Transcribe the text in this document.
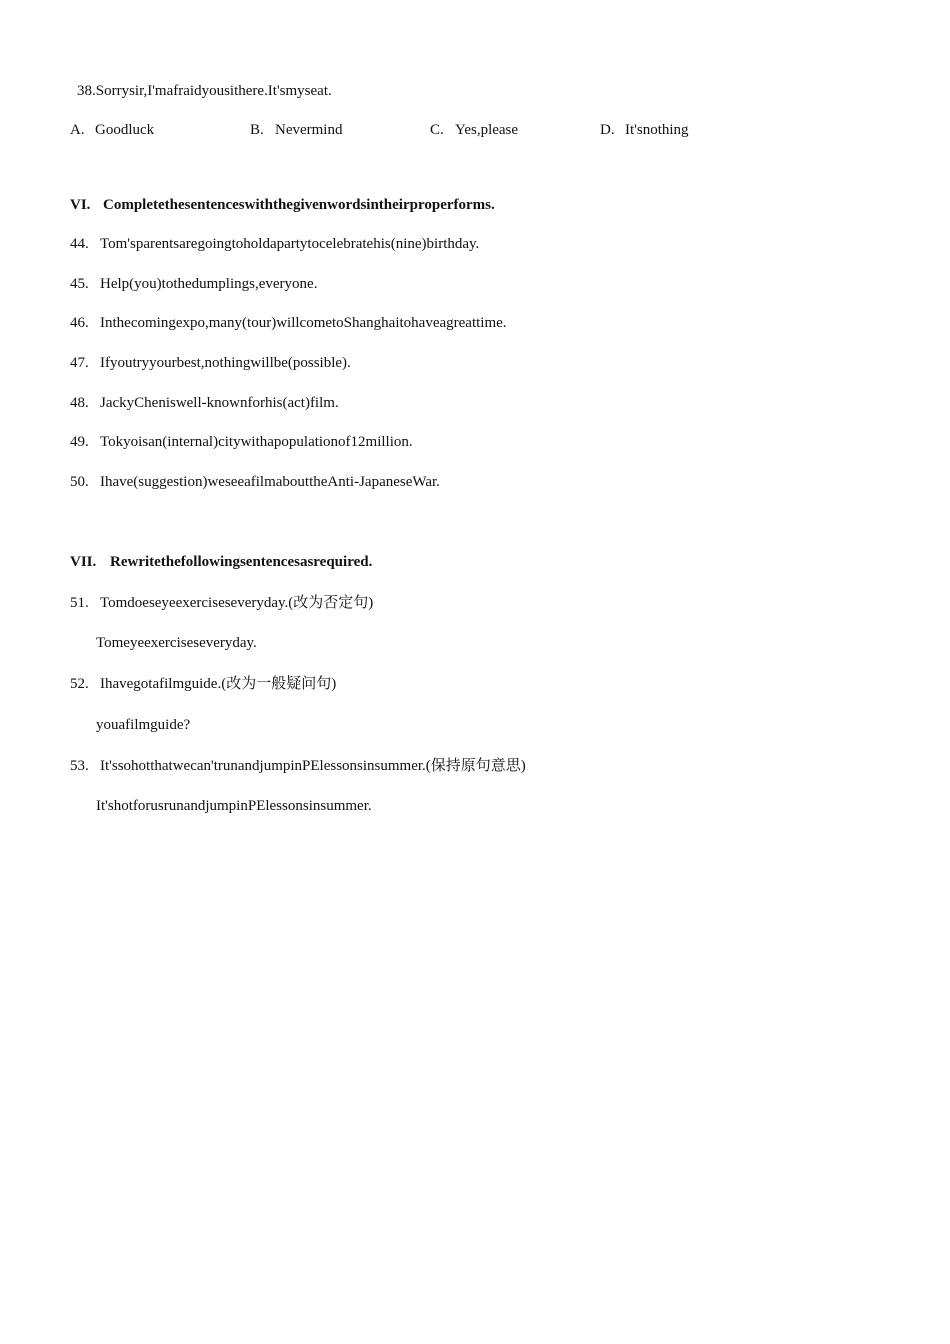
38.Sorrysir,I'mafraidyousithere.It'smyseat.
A. Goodluck	B. Nevermind	C. Yes,please	D. It'snothing
VI. Completethesentenceswiththegivenwordsintheirproperforms.
44. Tom'sparentsaregoingtoholdapartytocelebratehis(nine)birthday.
45. Help(you)tothedumplings,everyone.
46. Inthecomingexpo,many(tour)willcometoShanghaitohaveagreattime.
47. Ifyoutryyourbest,nothingwillbe(possible).
48. JackyCheniswell-knownforhis(act)film.
49. Tokyoisan(internal)citywithapopulationof12million.
50. Ihave(suggestion)weseeafilmabouttheAnti-JapaneseWar.
VII. Rewritethefollowingsentencesasrequired.
51. Tomdoeseyeexerciseseveryday.(改为否定句)
Tomeyeexerciseseveryday.
52. Ihavegotafilmguide.(改为一般疑问句)
youafilmguide?
53. It'ssohotthatwecan'trunandjumpinPElessonsinsummer.(保持原句意思)
It'shotforusrunandjumpinPElessonsinsummer.
